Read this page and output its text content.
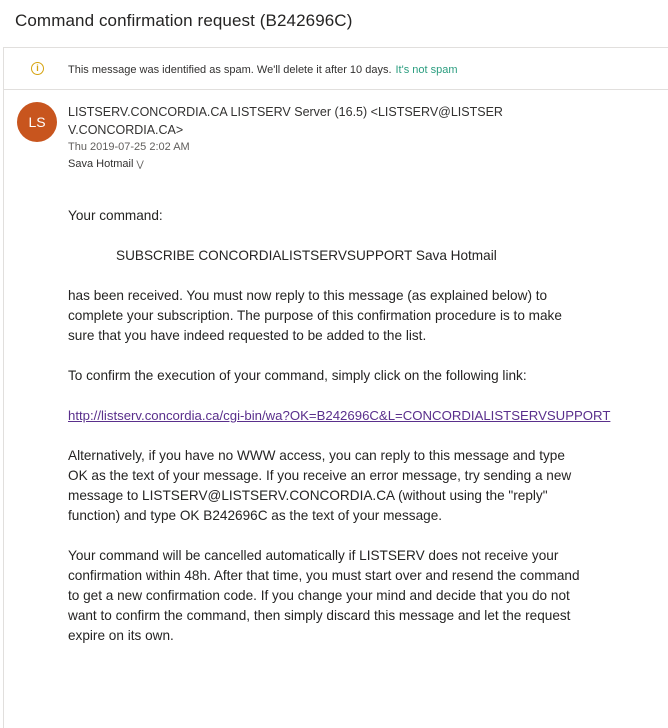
Command confirmation request (B242696C)
i	This message was identified as spam. We'll delete it after 10 days. It's not spam
LS
LISTSERV.CONCORDIA.CA LISTSERV Server (16.5) <LISTSERV@LISTSERV.CONCORDIA.CA>
Thu 2019-07-25 2:02 AM
Sava Hotmail ⋁

Your command:

SUBSCRIBE CONCORDIALISTSERVSUPPORT Sava Hotmail

has been received. You must now reply to this message (as explained below) to complete your subscription. The purpose of this confirmation procedure is to make sure that you have indeed requested to be added to the list.

To confirm the execution of your command, simply click on the following link:

http://listserv.concordia.ca/cgi-bin/wa?OK=B242696C&L=CONCORDIALISTSERVSUPPORT

Alternatively, if you have no WWW access, you can reply to this message and type OK as the text of your message. If you receive an error message, try sending a new message to LISTSERV@LISTSERV.CONCORDIA.CA (without using the "reply" function) and type OK B242696C as the text of your message.

Your command will be cancelled automatically if LISTSERV does not receive your confirmation within 48h. After that time, you must start over and resend the command to get a new confirmation code. If you change your mind and decide that you do not want to confirm the command, then simply discard this message and let the request expire on its own.
